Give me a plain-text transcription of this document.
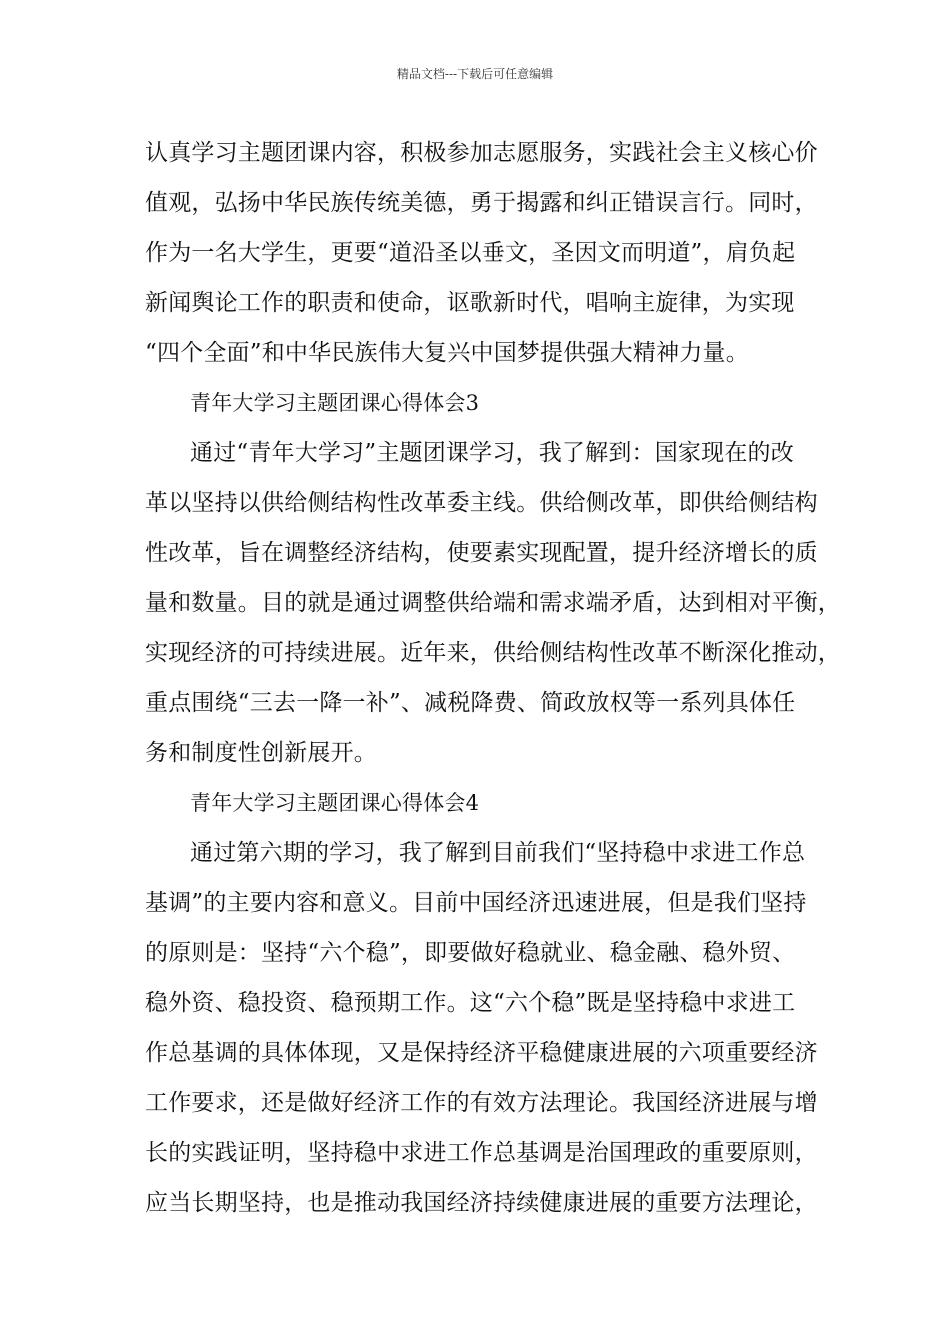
精品文档---下载后可任意编辑
认真学习主题团课内容，积极参加志愿服务，实践社会主义核心价
值观，弘扬中华民族传统美德，勇于揭露和纠正错误言行。同时，
作为一名大学生，更要“道沿圣以垂文，圣因文而明道”，肩负起
新闻舆论工作的职责和使命，讴歌新时代，唱响主旋律，为实现
“四个全面”和中华民族伟大复兴中国梦提供强大精神力量。
青年大学习主题团课心得体会3
通过“青年大学习”主题团课学习，我了解到：国家现在的改
革以坚持以供给侧结构性改革委主线。供给侧改革，即供给侧结构
性改革，旨在调整经济结构，使要素实现配置，提升经济增长的质
量和数量。目的就是通过调整供给端和需求端矛盾，达到相对平衡，
实现经济的可持续进展。近年来，供给侧结构性改革不断深化推动，
重点围绕“三去一降一补”、减税降费、简政放权等一系列具体任
务和制度性创新展开。
青年大学习主题团课心得体会4
通过第六期的学习，我了解到目前我们“坚持稳中求进工作总
基调”的主要内容和意义。目前中国经济迅速进展，但是我们坚持
的原则是：坚持“六个稳”，即要做好稳就业、稳金融、稳外贸、
稳外资、稳投资、稳预期工作。这“六个稳”既是坚持稳中求进工
作总基调的具体体现，又是保持经济平稳健康进展的六项重要经济
工作要求，还是做好经济工作的有效方法理论。我国经济进展与增
长的实践证明，坚持稳中求进工作总基调是治国理政的重要原则，
应当长期坚持，也是推动我国经济持续健康进展的重要方法理论，
